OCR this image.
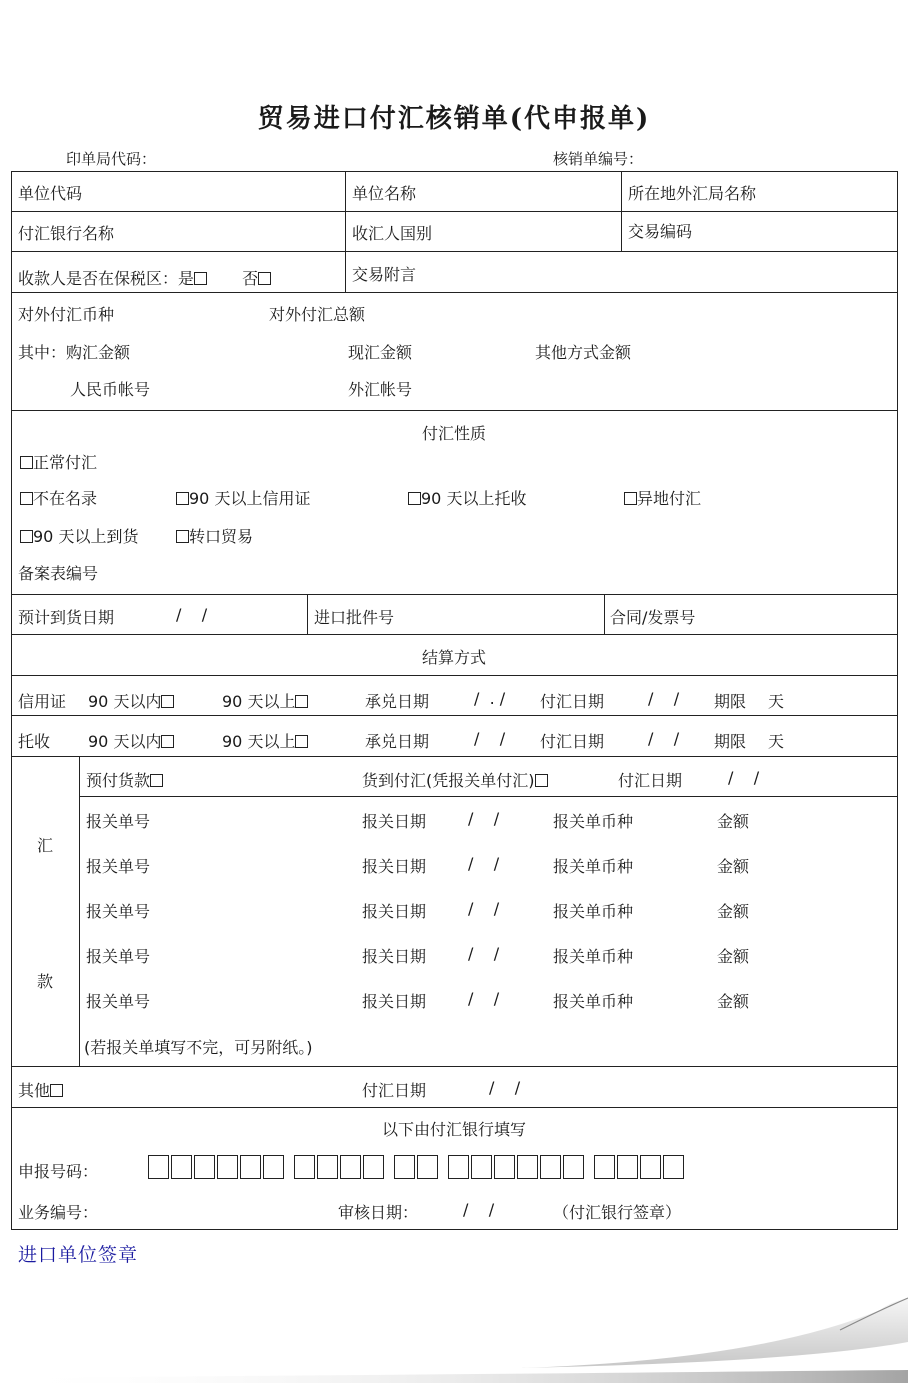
贸易进口付汇核销单(代申报单)
印单局代码：	核销单编号：
单位代码	单位名称	所在地外汇局名称
付汇银行名称	收汇人国别	交易编码
收款人是否在保税区：是	否	交易附言
对外付汇币种	对外付汇总额
其中：购汇金额	现汇金额	其他方式金额
人民币帐号	外汇帐号
付汇性质
正常付汇
不在名录	90 天以上信用证	90 天以上托收	异地付汇
90 天以上到货	转口贸易
备案表编号
预计到货日期	/    /	进口批件号	合同/发票号
结算方式
信用证 90 天以内	90 天以上	承兑日期	/  . / 付汇日期	/    / 期限 天
托收 90 天以内	90 天以上	承兑日期	/    / 付汇日期	/    / 期限 天
汇
款
预付货款	货到付汇(凭报关单付汇)	付汇日期	/    /
报关单号	报关日期	/    /	报关单币种	金额
报关单号	报关日期	/    /	报关单币种	金额
报关单号	报关日期	/    /	报关单币种	金额
报关单号	报关日期	/    /	报关单币种	金额
报关单号	报关日期	/    /	报关单币种	金额
(若报关单填写不完，可另附纸。)
其他	付汇日期	/    /
以下由付汇银行填写
申报号码：
业务编号：	审核日期：	/    /	（付汇银行签章）
进口单位签章
